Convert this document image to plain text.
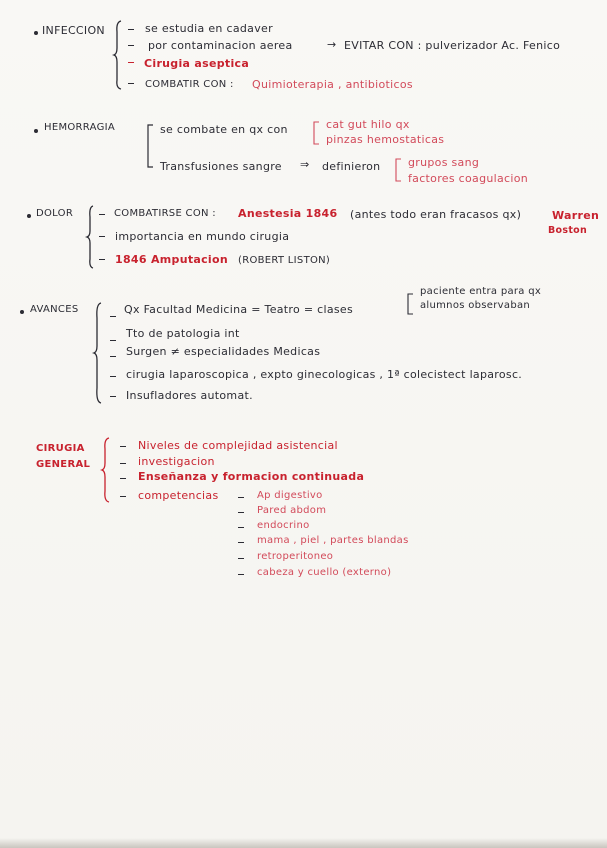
INFECCION	se estudia en cadaver
por contaminacion aerea	→ EVITAR CON : pulverizador Ac. Fenico
Cirugia aseptica
COMBATIR CON : Quimioterapia , antibioticos
HEMORRAGIA	se combate en qx con	cat gut hilo qx
pinzas hemostaticas
Transfusiones sangre ⇒ definieron	grupos sang
factores coagulacion
DOLOR	COMBATIRSE CON : Anestesia 1846 (antes todo eran fracasos qx)	Warren
Boston
importancia en mundo cirugia
1846 Amputacion (ROBERT LISTON)
AVANCES	Qx Facultad Medicina = Teatro = clases
paciente entra para qx
alumnos observaban
Tto de patologia int
Surgen ≠ especialidades Medicas
cirugia laparoscopica , expto ginecologicas , 1ª colecistect laparosc.
Insufladores automat.
CIRUGIA
GENERAL
Niveles de complejidad asistencial
investigacion
Enseñanza y formacion continuada
competencias	Ap digestivo
Pared abdom
endocrino
mama , piel , partes blandas
retroperitoneo
cabeza y cuello (externo)
